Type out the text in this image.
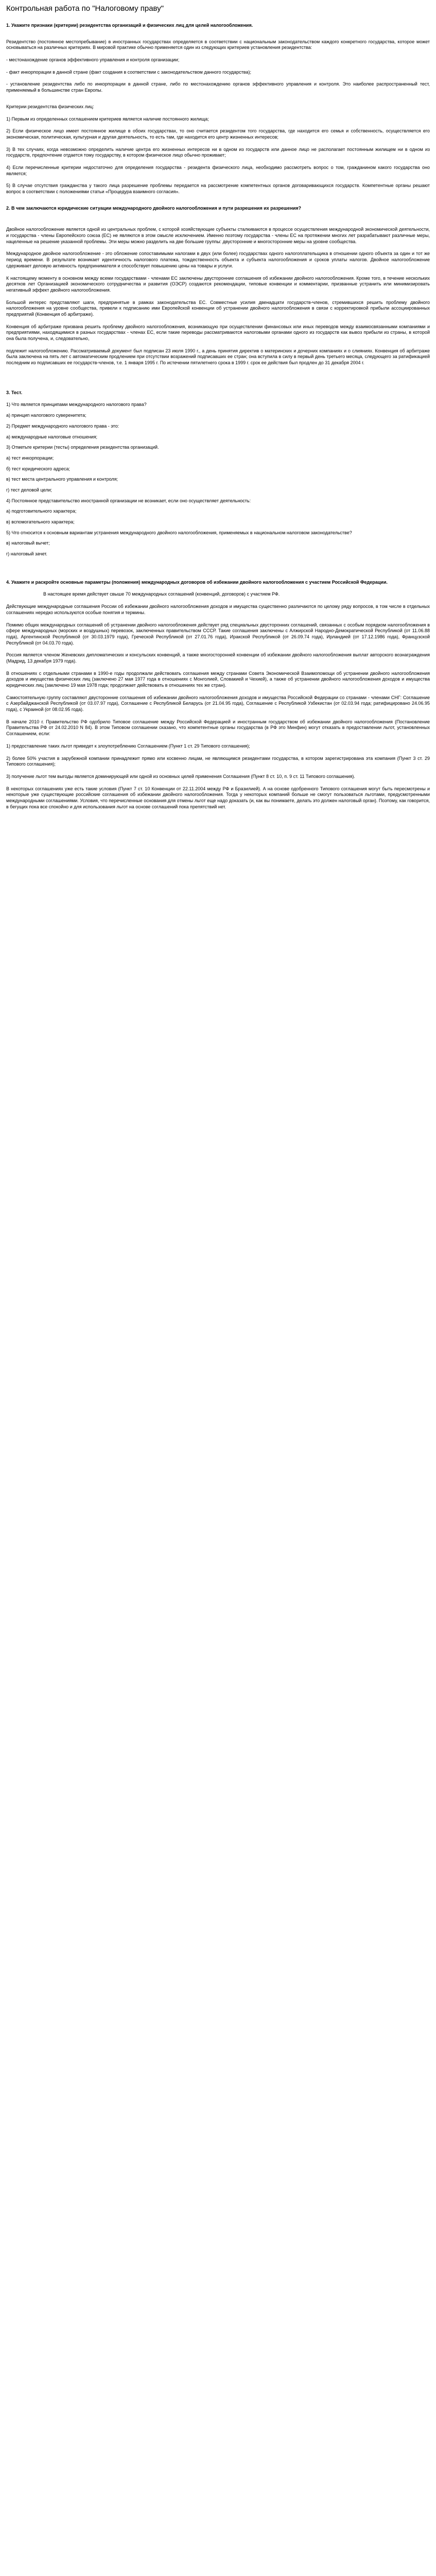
Контрольная работа по "Налоговому праву"

1. Укажите признаки (критерии) резидентства организаций и физических лиц для целей налогообложения.

Резидентство (постоянное местопребывание) в иностранных государствах определяется в соответствии с национальным законодательством каждого конкретного государства, которое может основываться на различных критериях. В мировой практике обычно применяется один из следующих критериев установления резидентства:

- местонахождение органов эффективного управления и контроля организации;

- факт инкорпорации в данной стране (факт создания в соответствии с законодательством данного государства);

- установление резидентства либо по инкорпорации в данной стране, либо по местонахождению органов эффективного управления и контроля. Это наиболее распространенный тест, применяемый в большинстве стран Европы.

Критерии резидентства физических лиц:

1) Первым из определенных соглашением критериев является наличие постоянного жилища;

2) Если физическое лицо имеет постоянное жилище в обоих государствах, то оно считается резидентом того государства, где находится его семья и собственность, осуществляется его экономическая, политическая, культурная и другая деятельность, то есть там, где находится его центр жизненных интересов;

3) В тех случаях, когда невозможно определить наличие центра его жизненных интересов ни в одном из государств или данное лицо не располагает постоянным жилищем ни в одном из государств, предпочтение отдается тому государству, в котором физическое лицо обычно проживает;

4) Если перечисленные критерии недостаточно для определения государства - резидента физического лица, необходимо рассмотреть вопрос о том, гражданином какого государства оно является;

5) В случае отсутствия гражданства у такого лица разрешение проблемы передается на рассмотрение компетентных органов договаривающихся государств. Компетентные органы решают вопрос в соответствии с положениями статьи «Процедура взаимного согласия».

2. В чем заключаются юридические ситуации международного двойного налогообложения и пути разрешения их разрешения?

Двойное налогообложение является одной из центральных проблем, с которой хозяйствующие субъекты сталкиваются в процессе осуществления международной экономической деятельности, и государства - члены Европейского союза (ЕС) не являются в этом смысле исключением. Именно поэтому государства - члены ЕС на протяжении многих лет разрабатывают различные меры, нацеленные на решение указанной проблемы. Эти меры можно разделить на две большие группы: двусторонние и многосторонние меры на уровне сообщества.

Международное двойное налогообложение - это обложение сопоставимыми налогами в двух (или более) государствах одного налогоплательщика в отношении одного объекта за один и тот же период времени. В результате возникает идентичность налогового платежа, тождественность объекта и субъекта налогообложения и сроков уплаты налогов. Двойное налогообложение сдерживает деловую активность предпринимателя и способствует повышению цены на товары и услуги.

К настоящему моменту в основном между всеми государствами - членами ЕС заключены двусторонние соглашения об избежании двойного налогообложения. Кроме того, в течение нескольких десятков лет Организацией экономического сотрудничества и развития (ОЭСР) создаются рекомендации, типовые конвенции и комментарии, призванные устранить или минимизировать негативный эффект двойного налогообложения.

Большой интерес представляют шаги, предпринятые в рамках законодательства ЕС. Совместные усилия двенадцати государств-членов, стремившихся решить проблему двойного налогообложения на уровне сообщества, привели к подписанию ими Европейской конвенции об устранении двойного налогообложения в связи с корректировкой прибыли ассоциированных предприятий (Конвенция об арбитраже).

Конвенция об арбитраже призвана решить проблему двойного налогообложения, возникающую при осуществлении финансовых или иных переводов между взаимосвязанными компаниями и предприятиями, находящимися в разных государствах - членах ЕС, если такие переводы рассматриваются налоговыми органами одного из государств как вывоз прибыли из страны, в которой она была получена, и, следовательно,

подлежит налогообложению. Рассматриваемый документ был подписан 23 июля 1990 г., а день принятия директив о материнских и дочерних компаниях и о слияниях. Конвенция об арбитраже была заключена на пять лет с автоматическим продлением при отсутствии возражений подписавших ее стран; она вступила в силу в первый день третьего месяца, следующего за ратификацией последним из подписавших ее государств-членов, т.е. 1 января 1995 г. По истечении пятилетнего срока в 1999 г. срок ее действия был продлен до 31 декабря 2004 г.

3. Тест.

1) Что является принципами международного налогового права?

а) принцип налогового суверенитета;

2) Предмет международного налогового права - это:

а) международные налоговые отношения;

3) Отметьте критерии (тесты) определения резидентства организаций.

а) тест инкорпорации;

б) тест юридического адреса;

в) тест места центрального управления и контроля;

г) тест деловой цели;

4) Постоянное представительство иностранной организации не возникает, если оно осуществляет деятельность:

а) подготовительного характера;

в) вспомогательного характера;

5) Что относится к основным вариантам устранения международного двойного налогообложения, применяемых в национальном налоговом законодательстве?

в) налоговый вычет;

г) налоговый зачет.

4. Укажите и раскройте основные параметры (положения) международных договоров об избежании двойного налогообложения с участием Российской Федерации.

В настоящее время действует свыше 70 международных соглашений (конвенций, договоров) с участием РФ.

Действующие международные соглашения России об избежании двойного налогообложения доходов и имущества существенно различаются по целому ряду вопросов, в том числе в отдельных соглашениях нередко используются особые понятия и термины.

Помимо общих международных соглашений об устранении двойного налогообложения действует ряд специальных двусторонних соглашений, связанных с особым порядком налогообложения в сфере международных (морских и воздушных) перевозок, заключенных правительством СССР. Такие соглашения заключены с Алжирской Народно-Демократической Республикой (от 11.06.88 года), Аргентинской Республикой (от 30.03.1979 года), Греческой Республикой (от 27.01.76 года), Иракской Республикой (от 26.09.74 года), Ирландией (от 17.12.1986 года), Французской Республикой (от 04.03.70 года).

Россия является членом Женевских дипломатических и консульских конвенций, а также многосторонней конвенции об избежании двойного налогообложения выплат авторского вознаграждения (Мадрид, 13 декабря 1979 года).

В отношениях с отдельными странами в 1990-е годы продолжали действовать соглашения между странами Совета Экономической Взаимопомощи об устранении двойного налогообложения доходов и имущества физических лиц (заключено 27 мая 1977 года в отношениях с Монголией, Словакией и Чехией), а также об устранении двойного налогообложения доходов и имущества юридических лиц (заключено 19 мая 1978 года; продолжает действовать в отношениях тех же стран).

Самостоятельную группу составляют двусторонние соглашения об избежании двойного налогообложения доходов и имущества Российской Федерации со странами - членами СНГ: Соглашение с Азербайджанской Республикой (от 03.07.97 года), Соглашение с Республикой Беларусь (от 21.04.95 года), Соглашение с Республикой Узбекистан (от 02.03.94 года; ратифицировано 24.06.95 года), с Украиной (от 08.02.95 года).

В начале 2010 г. Правительство РФ одобрило Типовое соглашение между Российской Федерацией и иностранным государством об избежании двойного налогообложения (Постановление Правительства РФ от 24.02.2010 N 84). В этом Типовом соглашении сказано, что компетентные органы государства (в РФ это Минфин) могут отказать в предоставлении льгот, установленных Соглашением, если:

1) предоставление таких льгот приведет к злоупотреблению Соглашением (Пункт 1 ст. 29 Типового соглашения);

2) более 50% участия в зарубежной компании принадлежит прямо или косвенно лицам, не являющимся резидентами государства, в котором зарегистрирована эта компания (Пункт 3 ст. 29 Типового соглашения);

3) получение льгот тем выгоды является доминирующей или одной из основных целей применения Соглашения (Пункт 8 ст. 10, п. 9 ст. 11 Типового соглашения).

В некоторых соглашениях уже есть такие условия (Пункт 7 ст. 10 Конвенции от 22.11.2004 между РФ и Бразилией). А на основе одобренного Типового соглашения могут быть пересмотрены и некоторые уже существующие российские соглашения об избежании двойного налогообложения. Тогда у некоторых компаний больше не смогут пользоваться льготами, предусмотренными международными соглашениями. Условия, что перечисленные основания для отмены льгот еще надо доказать (и, как вы понимаете, делать это должен налоговый орган). Поэтому, как говорится, в бегущих пока все спокойно и для использования льгот на основе соглашений пока препятствий нет.
